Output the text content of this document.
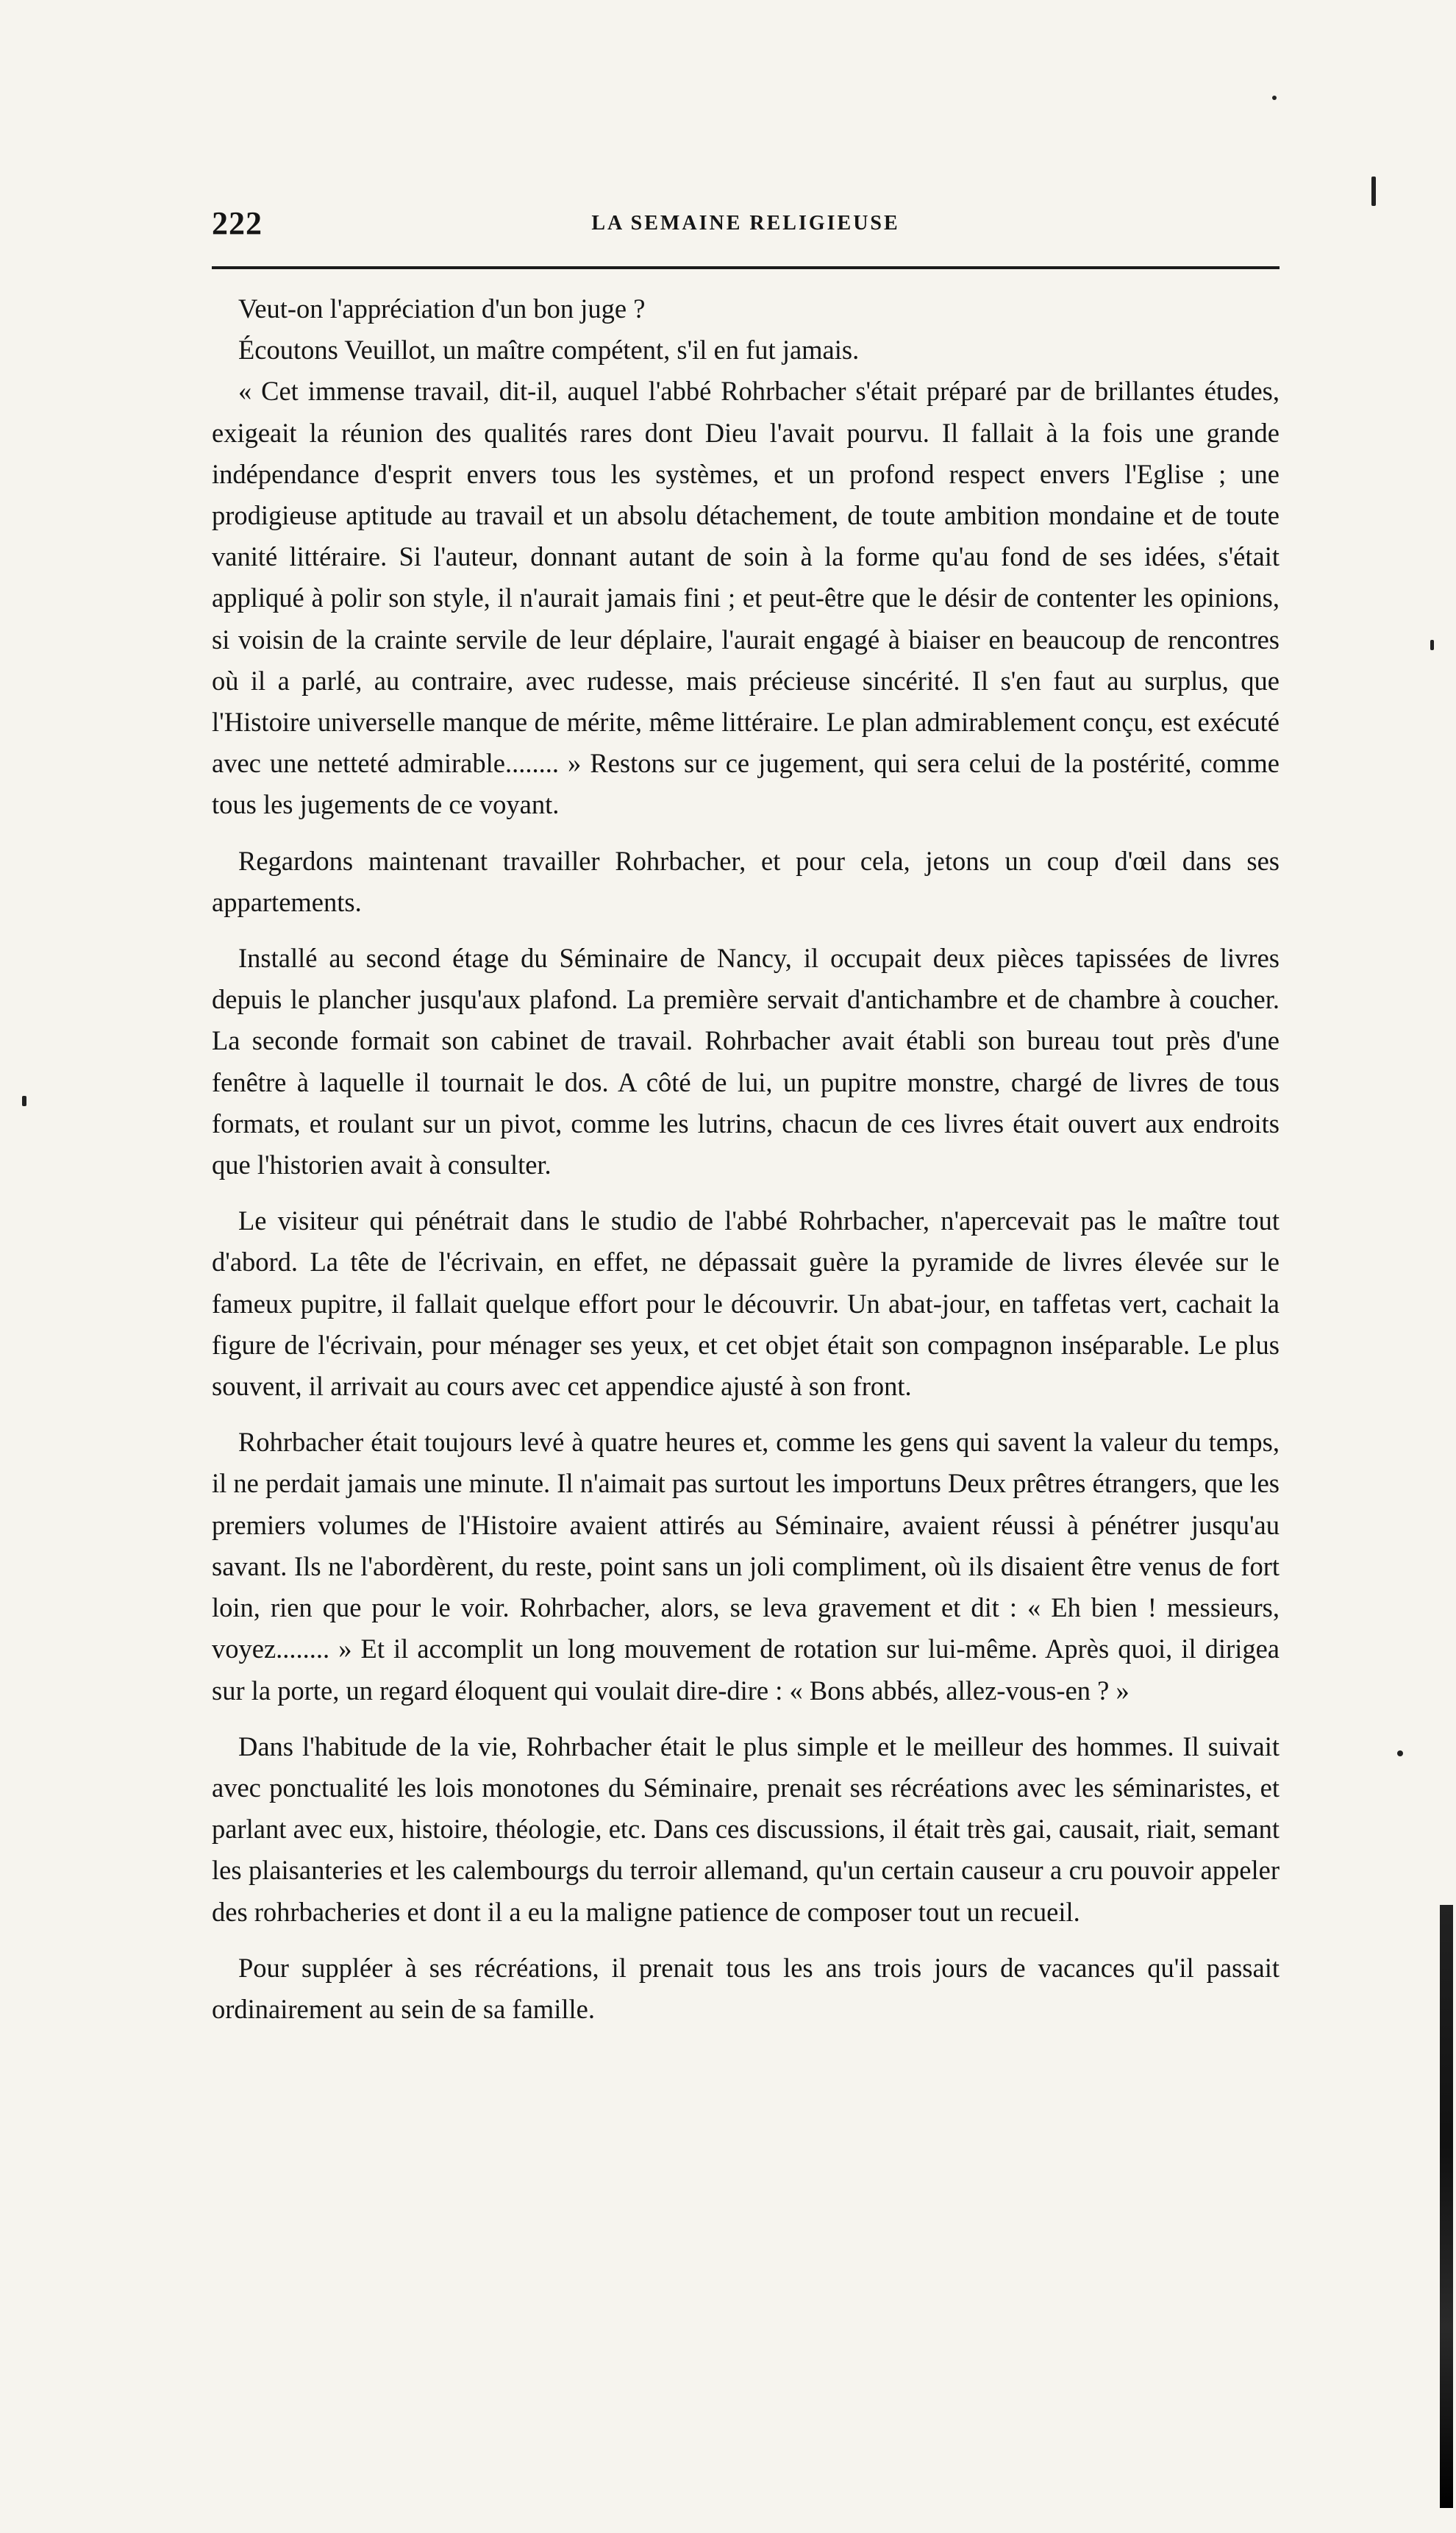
222	LA SEMAINE RELIGIEUSE

Veut-on l'appréciation d'un bon juge ?

Écoutons Veuillot, un maître compétent, s'il en fut jamais.

« Cet immense travail, dit-il, auquel l'abbé Rohrbacher s'était préparé par de brillantes études, exigeait la réunion des qualités rares dont Dieu l'avait pourvu. Il fallait à la fois une grande indépendance d'esprit envers tous les systèmes, et un profond respect envers l'Eglise ; une prodigieuse aptitude au travail et un absolu détachement, de toute ambition mondaine et de toute vanité littéraire. Si l'auteur, donnant autant de soin à la forme qu'au fond de ses idées, s'était appliqué à polir son style, il n'aurait jamais fini ; et peut-être que le désir de contenter les opinions, si voisin de la crainte servile de leur déplaire, l'aurait engagé à biaiser en beaucoup de rencontres où il a parlé, au contraire, avec rudesse, mais précieuse sincérité. Il s'en faut au surplus, que l'Histoire universelle manque de mérite, même littéraire. Le plan admirablement conçu, est exécuté avec une netteté admirable........ » Restons sur ce jugement, qui sera celui de la postérité, comme tous les jugements de ce voyant.

Regardons maintenant travailler Rohrbacher, et pour cela, jetons un coup d'œil dans ses appartements.

Installé au second étage du Séminaire de Nancy, il occupait deux pièces tapissées de livres depuis le plancher jusqu'aux plafond. La première servait d'antichambre et de chambre à coucher. La seconde formait son cabinet de travail. Rohrbacher avait établi son bureau tout près d'une fenêtre à laquelle il tournait le dos. A côté de lui, un pupitre monstre, chargé de livres de tous formats, et roulant sur un pivot, comme les lutrins, chacun de ces livres était ouvert aux endroits que l'historien avait à consulter.

Le visiteur qui pénétrait dans le studio de l'abbé Rohrbacher, n'apercevait pas le maître tout d'abord. La tête de l'écrivain, en effet, ne dépassait guère la pyramide de livres élevée sur le fameux pupitre, il fallait quelque effort pour le découvrir. Un abat-jour, en taffetas vert, cachait la figure de l'écrivain, pour ménager ses yeux, et cet objet était son compagnon inséparable. Le plus souvent, il arrivait au cours avec cet appendice ajusté à son front.

Rohrbacher était toujours levé à quatre heures et, comme les gens qui savent la valeur du temps, il ne perdait jamais une minute. Il n'aimait pas surtout les importuns Deux prêtres étrangers, que les premiers volumes de l'Histoire avaient attirés au Séminaire, avaient réussi à pénétrer jusqu'au savant. Ils ne l'abordèrent, du reste, point sans un joli compliment, où ils disaient être venus de fort loin, rien que pour le voir. Rohrbacher, alors, se leva gravement et dit : « Eh bien ! messieurs, voyez........ » Et il accomplit un long mouvement de rotation sur lui-même. Après quoi, il dirigea sur la porte, un regard éloquent qui voulait dire-dire : « Bons abbés, allez-vous-en ? »

Dans l'habitude de la vie, Rohrbacher était le plus simple et le meilleur des hommes. Il suivait avec ponctualité les lois monotones du Séminaire, prenait ses récréations avec les séminaristes, et parlant avec eux, histoire, théologie, etc. Dans ces discussions, il était très gai, causait, riait, semant les plaisanteries et les calembourgs du terroir allemand, qu'un certain causeur a cru pouvoir appeler des rohrbacheries et dont il a eu la maligne patience de composer tout un recueil.

Pour suppléer à ses récréations, il prenait tous les ans trois jours de vacances qu'il passait ordinairement au sein de sa famille.
